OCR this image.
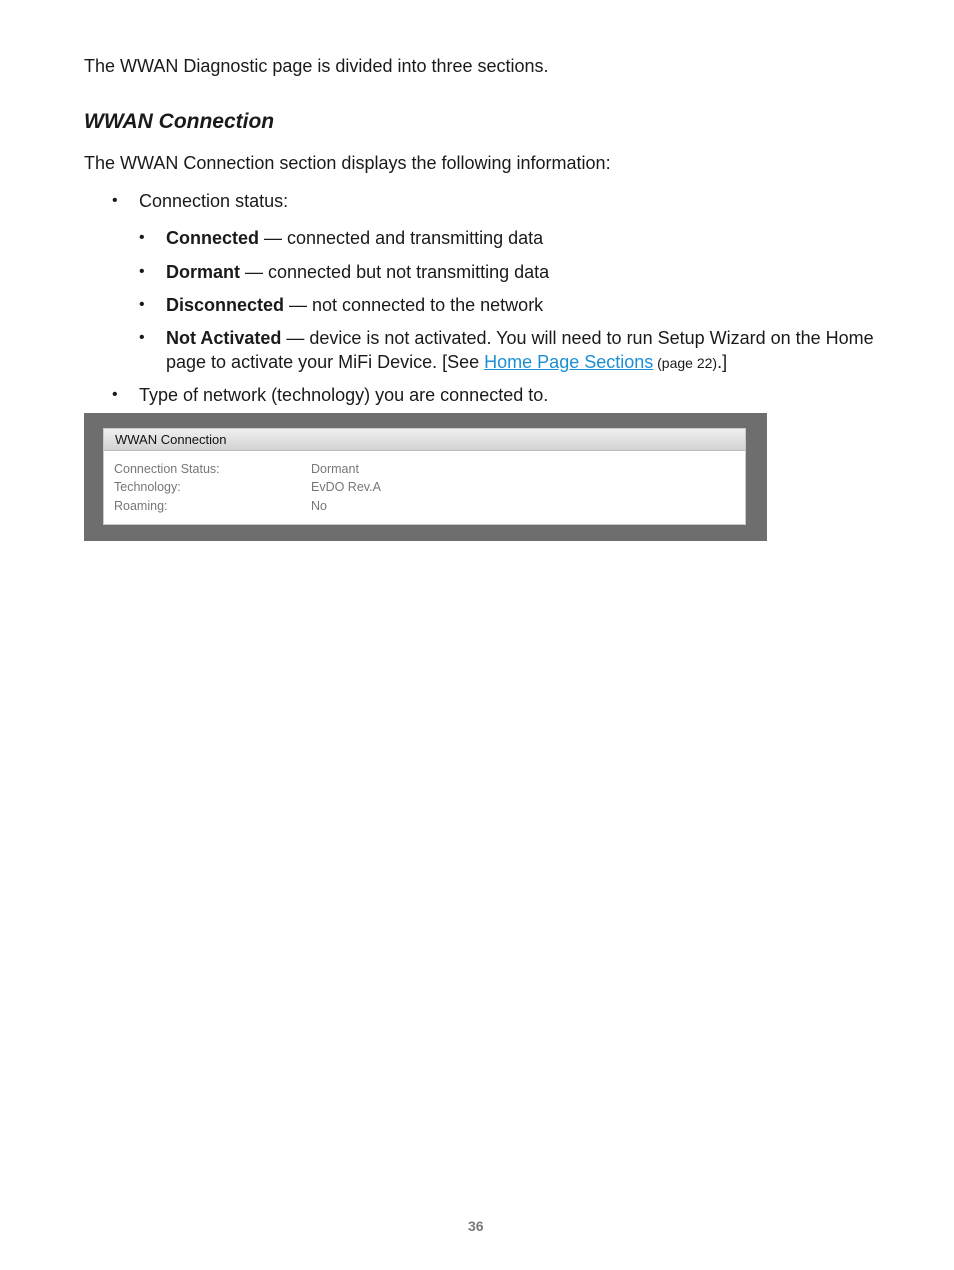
The WWAN Diagnostic page is divided into three sections.
WWAN Connection
The WWAN Connection section displays the following information:
• Connection status:
• Connected — connected and transmitting data
• Dormant — connected but not transmitting data
• Disconnected — not connected to the network
• Not Activated — device is not activated. You will need to run Setup Wizard on the Home
page to activate your MiFi Device. [See Home Page Sections (page 22).]
• Type of network (technology) you are connected to.
WWAN Connection
Connection Status:	Dormant
Technology:	EvDO Rev.A
Roaming:	No
36
